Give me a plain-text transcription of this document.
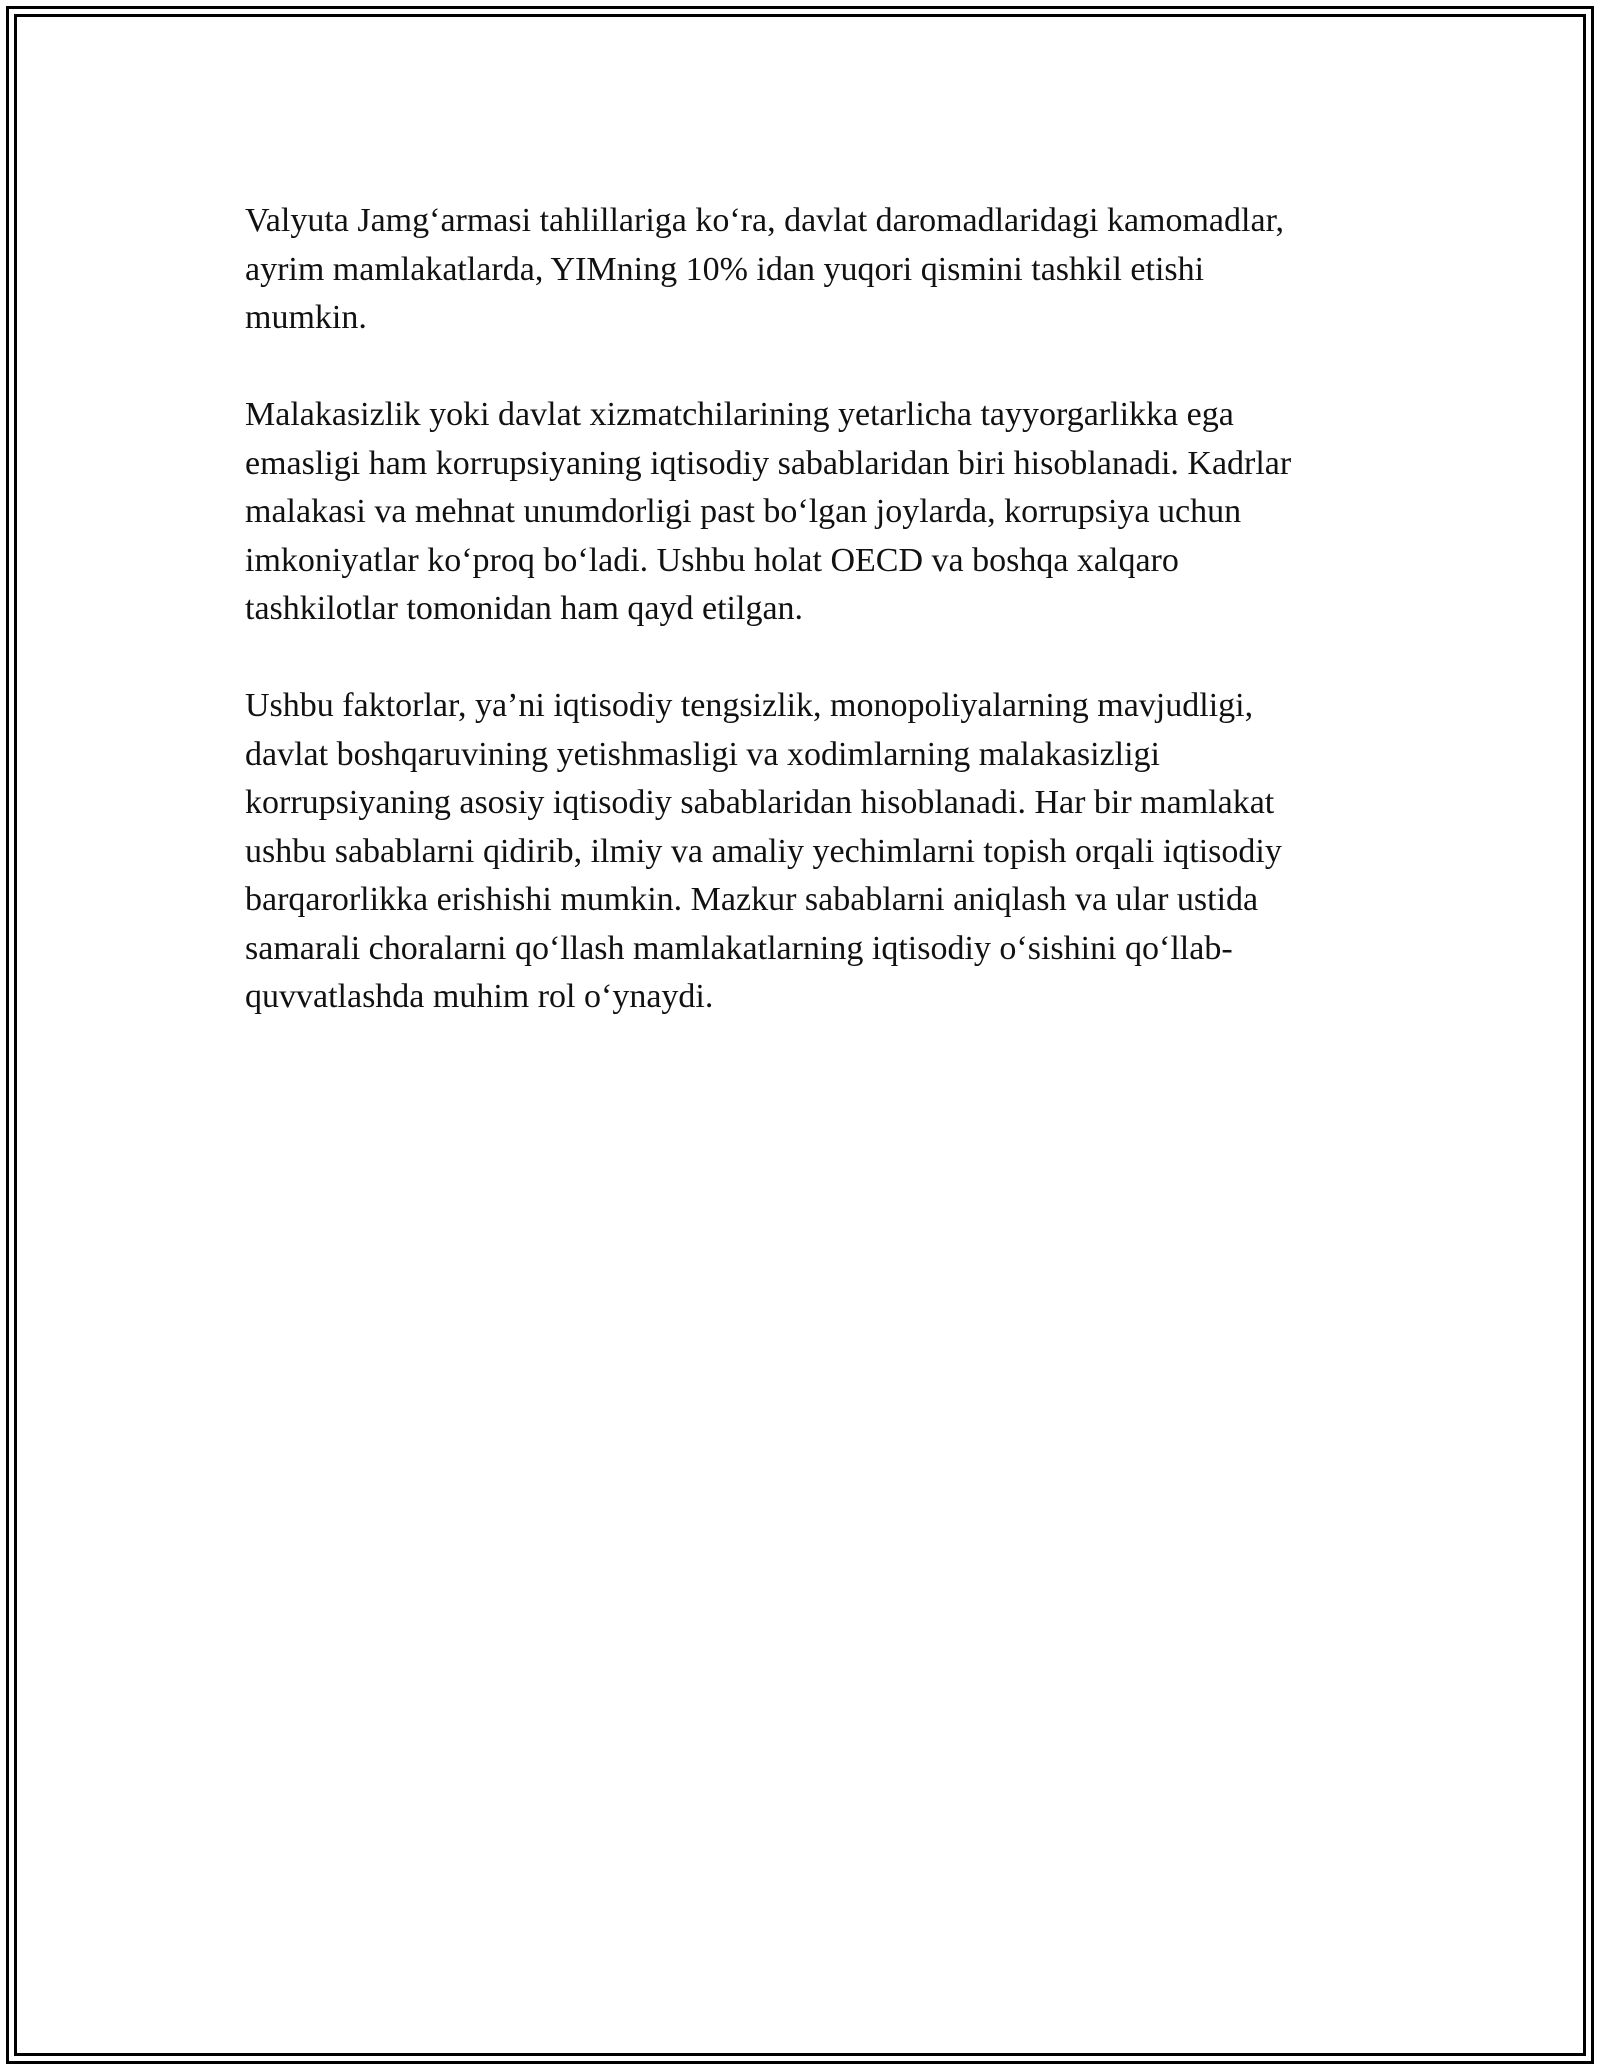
Valyuta Jamg‘armasi tahlillariga ko‘ra, davlat daromadlaridagi kamomadlar,
ayrim mamlakatlarda, YIMning 10% idan yuqori qismini tashkil etishi
mumkin.

Malakasizlik yoki davlat xizmatchilarining yetarlicha tayyorgarlikka ega
emasligi ham korrupsiyaning iqtisodiy sabablaridan biri hisoblanadi. Kadrlar
malakasi va mehnat unumdorligi past bo‘lgan joylarda, korrupsiya uchun
imkoniyatlar ko‘proq bo‘ladi. Ushbu holat OECD va boshqa xalqaro
tashkilotlar tomonidan ham qayd etilgan.

Ushbu faktorlar, ya’ni iqtisodiy tengsizlik, monopoliyalarning mavjudligi,
davlat boshqaruvining yetishmasligi va xodimlarning malakasizligi
korrupsiyaning asosiy iqtisodiy sabablaridan hisoblanadi. Har bir mamlakat
ushbu sabablarni qidirib, ilmiy va amaliy yechimlarni topish orqali iqtisodiy
barqarorlikka erishishi mumkin. Mazkur sabablarni aniqlash va ular ustida
samarali choralarni qo‘llash mamlakatlarning iqtisodiy o‘sishini qo‘llab-
quvvatlashda muhim rol o‘ynaydi.
